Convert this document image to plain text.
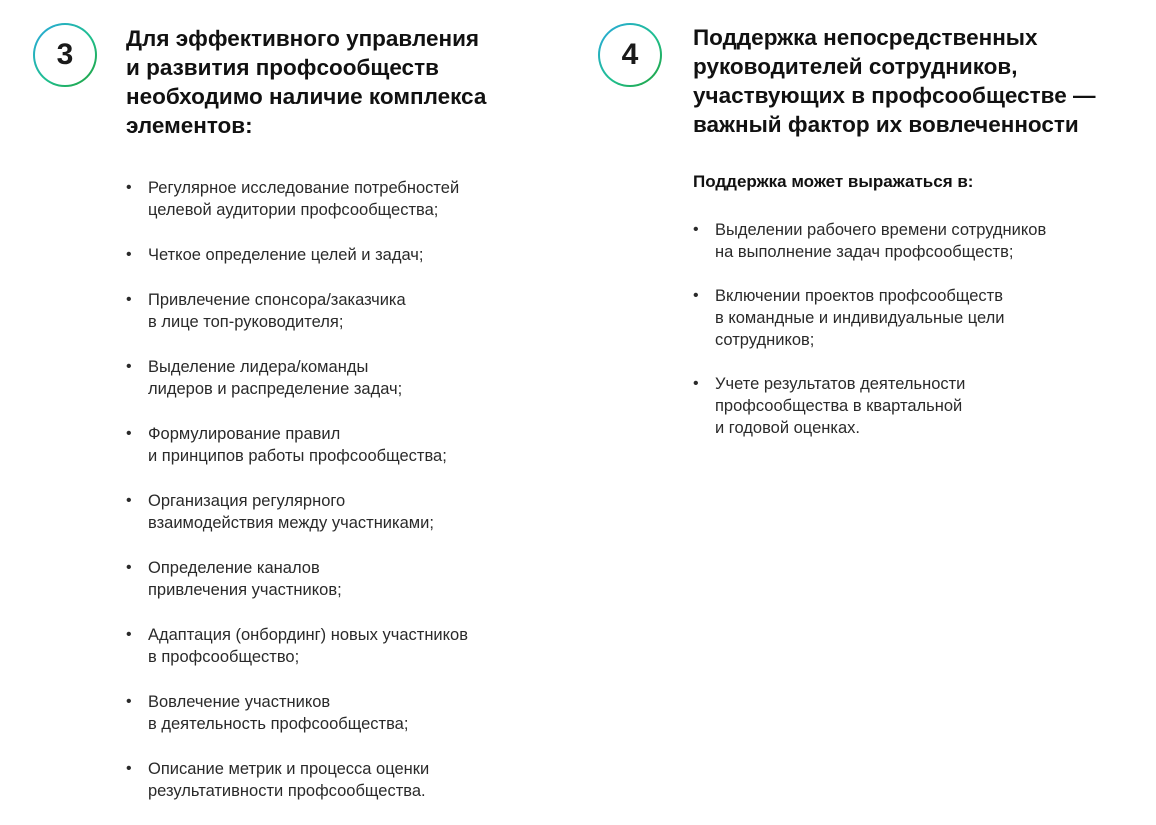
3	Для эффективного управления
и развития профсообществ
необходимо наличие комплекса
элементов:
• Регулярное исследование потребностей
целевой аудитории профсообщества;
• Четкое определение целей и задач;
• Привлечение спонсора/заказчика
в лице топ-руководителя;
• Выделение лидера/команды
лидеров и распределение задач;
• Формулирование правил
и принципов работы профсообщества;
• Организация регулярного
взаимодействия между участниками;
• Определение каналов
привлечения участников;
• Адаптация (онбординг) новых участников
в профсообщество;
• Вовлечение участников
в деятельность профсообщества;
• Описание метрик и процесса оценки
результативности профсообщества.
4
Поддержка непосредственных
руководителей сотрудников,
участвующих в профсообществе —
важный фактор их вовлеченности
Поддержка может выражаться в:
• Выделении рабочего времени сотрудников
на выполнение задач профсообществ;
• Включении проектов профсообществ
в командные и индивидуальные цели
сотрудников;
• Учете результатов деятельности
профсообщества в квартальной
и годовой оценках.
